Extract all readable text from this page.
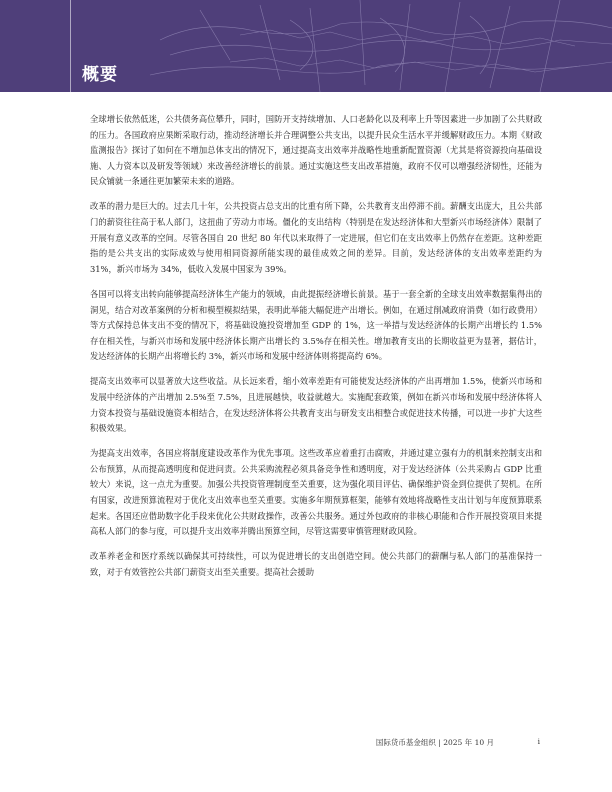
概要

全球增长依然低迷，公共债务高位攀升，同时，国防开支持续增加、人口老龄化以及利率上升等因素进一步加剧了公共财政的压力。各国政府应果断采取行动，推动经济增长并合理调整公共支出，以提升民众生活水平并缓解财政压力。本期《财政监测报告》探讨了如何在不增加总体支出的情况下，通过提高支出效率并战略性地重新配置资源（尤其是将资源投向基础设施、人力资本以及研发等领域）来改善经济增长的前景。通过实施这些支出改革措施，政府不仅可以增强经济韧性，还能为民众铺就一条通往更加繁荣未来的道路。

改革的潜力是巨大的。过去几十年，公共投资占总支出的比重有所下降，公共教育支出停滞不前。薪酬支出庞大，且公共部门的薪资往往高于私人部门，这扭曲了劳动力市场。僵化的支出结构（特别是在发达经济体和大型新兴市场经济体）限制了开展有意义改革的空间。尽管各国自 20 世纪 80 年代以来取得了一定进展，但它们在支出效率上仍然存在差距。这种差距指的是公共支出的实际成效与使用相同资源所能实现的最佳成效之间的差异。目前，发达经济体的支出效率差距约为 31%，新兴市场为 34%，低收入发展中国家为 39%。

各国可以将支出转向能够提高经济体生产能力的领域，由此提振经济增长前景。基于一套全新的全球支出效率数据集得出的洞见，结合对改革案例的分析和模型模拟结果，表明此举能大幅促进产出增长。例如，在通过削减政府消费（如行政费用）等方式保持总体支出不变的情况下，将基础设施投资增加至 GDP 的 1%，这一举措与发达经济体的长期产出增长约 1.5%存在相关性，与新兴市场和发展中经济体长期产出增长约 3.5%存在相关性。增加教育支出的长期收益更为显著，据估计，发达经济体的长期产出将增长约 3%，新兴市场和发展中经济体则将提高约 6%。

提高支出效率可以显著放大这些收益。从长远来看，缩小效率差距有可能使发达经济体的产出再增加 1.5%，使新兴市场和发展中经济体的产出增加 2.5%至 7.5%，且进展越快，收益就越大。实施配套政策，例如在新兴市场和发展中经济体将人力资本投资与基础设施资本相结合，在发达经济体将公共教育支出与研发支出相整合或促进技术传播，可以进一步扩大这些积极效果。

为提高支出效率，各国应将制度建设改革作为优先事项。这些改革应着重打击腐败，并通过建立强有力的机制来控制支出和公布预算，从而提高透明度和促进问责。公共采购流程必须具备竞争性和透明度，对于发达经济体（公共采购占 GDP 比重较大）来说，这一点尤为重要。加强公共投资管理制度至关重要，这为强化项目评估、确保维护资金到位提供了契机。在所有国家，改进预算流程对于优化支出效率也至关重要。实施多年期预算框架，能够有效地将战略性支出计划与年度预算联系起来。各国还应借助数字化手段来优化公共财政操作，改善公共服务。通过外包政府的非核心职能和合作开展投资项目来提高私人部门的参与度，可以提升支出效率并腾出预算空间，尽管这需要审慎管理财政风险。

改革养老金和医疗系统以确保其可持续性，可以为促进增长的支出创造空间。使公共部门的薪酬与私人部门的基准保持一致，对于有效管控公共部门薪资支出至关重要。提高社会援助

国际货币基金组织 | 2025 年 10 月	i
